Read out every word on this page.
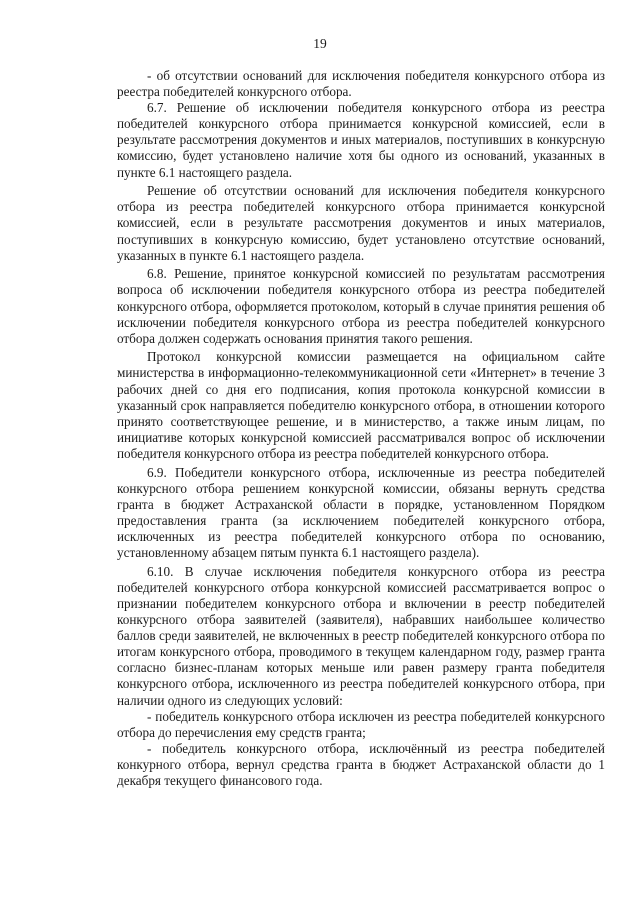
19

- об отсутствии оснований для исключения победителя конкурсного отбора из реестра победителей конкурсного отбора.

6.7. Решение об исключении победителя конкурсного отбора из реестра победителей конкурсного отбора принимается конкурсной комиссией, если в результате рассмотрения документов и иных материалов, поступивших в конкурсную комиссию, будет установлено наличие хотя бы одного из оснований, указанных в пункте 6.1 настоящего раздела.

Решение об отсутствии оснований для исключения победителя конкурсного отбора из реестра победителей конкурсного отбора принимается конкурсной комиссией, если в результате рассмотрения документов и иных материалов, поступивших в конкурсную комиссию, будет установлено отсутствие оснований, указанных в пункте 6.1 настоящего раздела.

6.8. Решение, принятое конкурсной комиссией по результатам рассмотрения вопроса об исключении победителя конкурсного отбора из реестра победителей конкурсного отбора, оформляется протоколом, который в случае принятия решения об исключении победителя конкурсного отбора из реестра победителей конкурсного отбора должен содержать основания принятия такого решения.

Протокол конкурсной комиссии размещается на официальном сайте министерства в информационно-телекоммуникационной сети «Интернет» в течение 3 рабочих дней со дня его подписания, копия протокола конкурсной комиссии в указанный срок направляется победителю конкурсного отбора, в отношении которого принято соответствующее решение, и в министерство, а также иным лицам, по инициативе которых конкурсной комиссией рассматривался вопрос об исключении победителя конкурсного отбора из реестра победителей конкурсного отбора.

6.9. Победители конкурсного отбора, исключенные из реестра победителей конкурсного отбора решением конкурсной комиссии, обязаны вернуть средства гранта в бюджет Астраханской области в порядке, установленном Порядком предоставления гранта (за исключением победителей конкурсного отбора, исключенных из реестра победителей конкурсного отбора по основанию, установленному абзацем пятым пункта 6.1 настоящего раздела).

6.10. В случае исключения победителя конкурсного отбора из реестра победителей конкурсного отбора конкурсной комиссией рассматривается вопрос о признании победителем конкурсного отбора и включении в реестр победителей конкурсного отбора заявителей (заявителя), набравших наибольшее количество баллов среди заявителей, не включенных в реестр победителей конкурсного отбора по итогам конкурсного отбора, проводимого в текущем календарном году, размер гранта согласно бизнес-планам которых меньше или равен размеру гранта победителя конкурсного отбора, исключенного из реестра победителей конкурсного отбора, при наличии одного из следующих условий:

- победитель конкурсного отбора исключен из реестра победителей конкурсного отбора до перечисления ему средств гранта;

- победитель конкурсного отбора, исключённый из реестра победителей конкурного отбора, вернул средства гранта в бюджет Астраханской области до 1 декабря текущего финансового года.
